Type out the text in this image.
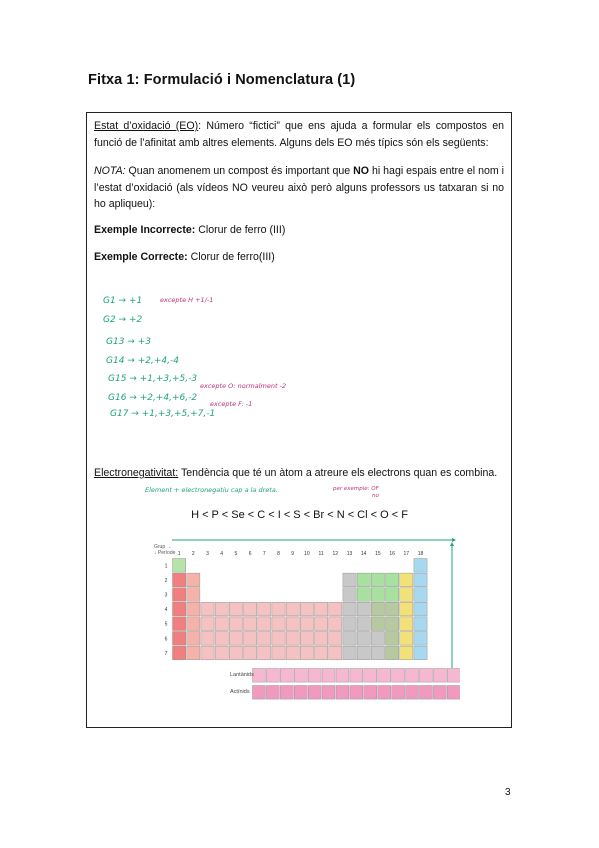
Fitxa 1: Formulació i Nomenclatura (1)
Estat d’oxidació (EO): Número “fictici” que ens ajuda a formular els compostos en funció de l’afinitat amb altres elements. Alguns dels EO més típics són els següents:
NOTA: Quan anomenem un compost és important que NO hi hagi espais entre el nom i l’estat d’oxidació (als vídeos NO veureu això però alguns professors us tatxaran si no ho apliqueu):
Exemple Incorrecte: Clorur de ferro (III)
Exemple Correcte: Clorur de ferro(III)
G1 → +1	excepte H +1/-1
G2 → +2
G13 → +3
G14 → +2,+4,-4
G15 → +1,+3,+5,-3
excepte O: normalment -2
G16 → +2,+4,+6,-2
excepte F: -1
G17 → +1,+3,+5,+7,-1
Electronegativitat: Tendència que té un àtom a atreure els electrons quan es combina.
Element + electronegatiu cap a la dreta.	per exemple: OF
no
H < P < Se < C < I < S < Br < N < Cl < O < F
Grup →
↓ Període 1 2 3 4 5 6 7 8 9 10 11 12 13 14 15 16 17 18
1
2
3
4
5
6
7
Lantànids
Actínids
3
